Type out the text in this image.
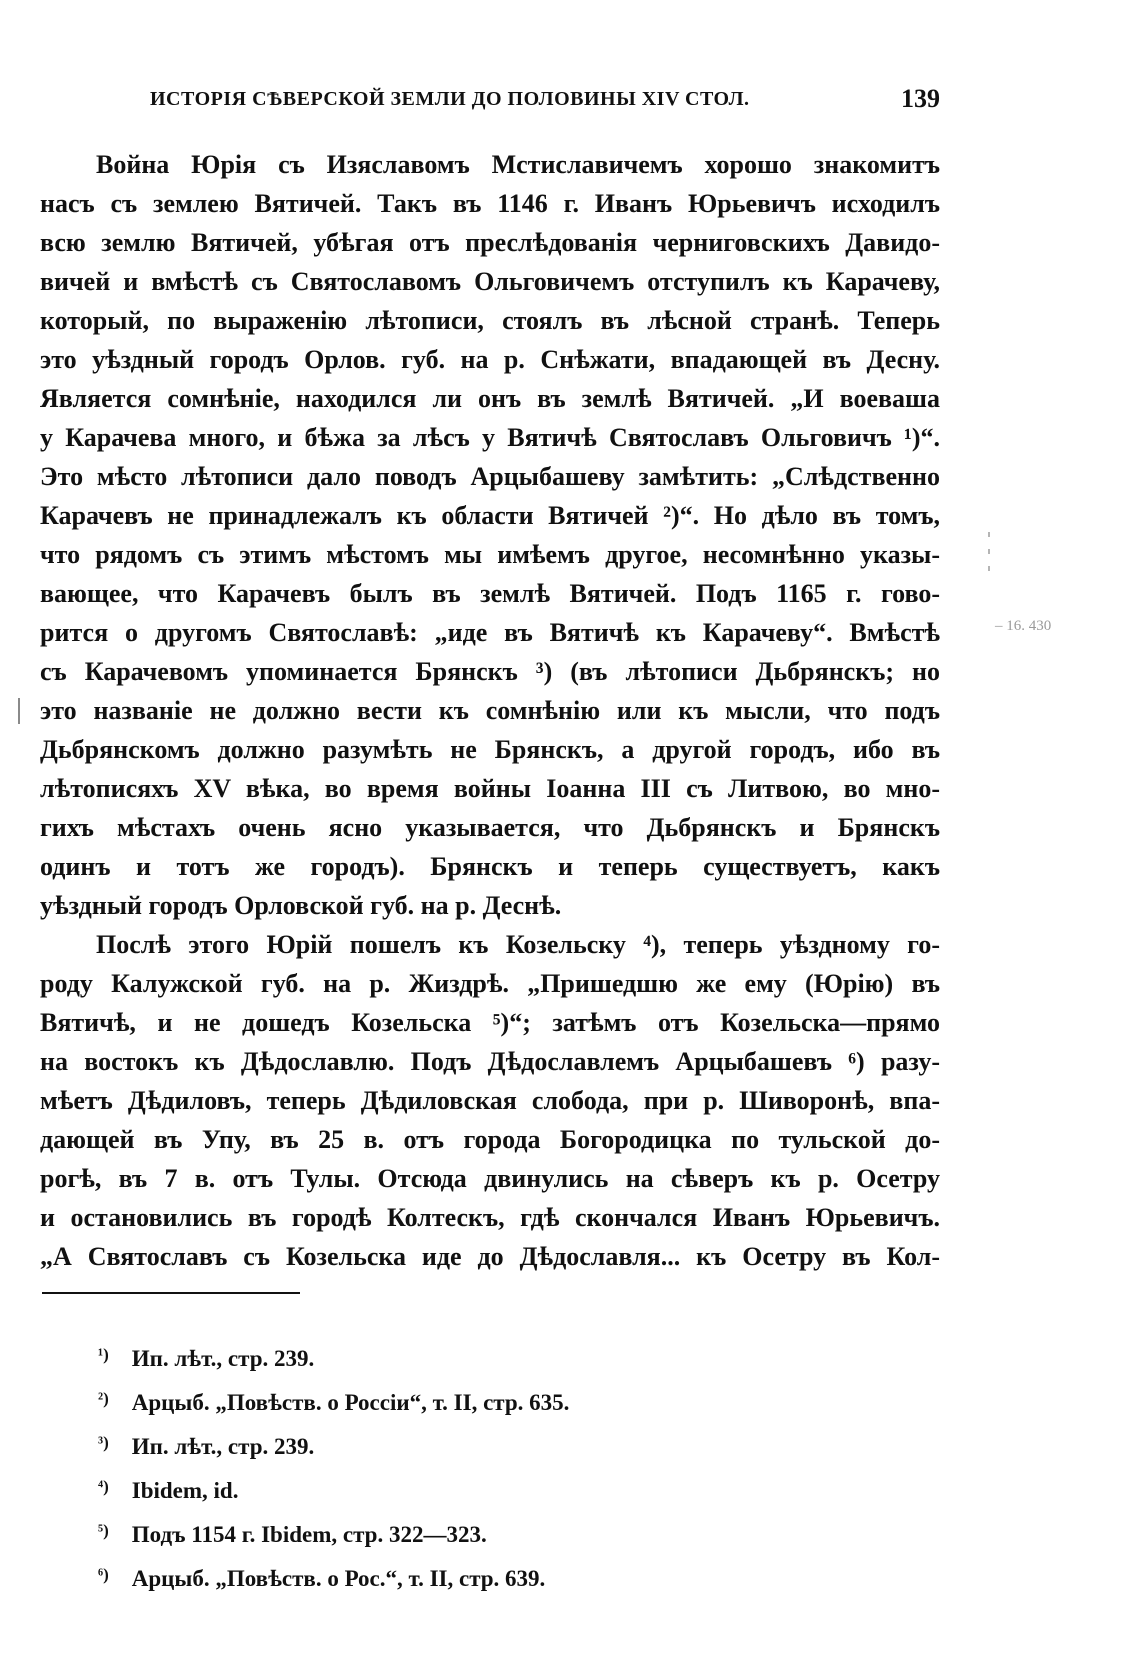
ИСТОРІЯ СѢВЕРСКОЙ ЗЕМЛИ ДО ПОЛОВИНЫ XIV СТОЛ.	139
Война Юрія съ Изяславомъ Мстиславичемъ хорошо знакомитъ
насъ съ землею Вятичей. Такъ въ 1146 г. Иванъ Юрьевичъ исходилъ
всю землю Вятичей, убѣгая отъ преслѣдованія черниговскихъ Давидо-
вичей и вмѣстѣ съ Святославомъ Ольговичемъ отступилъ къ Карачеву,
который, по выраженію лѣтописи, стоялъ въ лѣсной странѣ. Теперь
это уѣздный городъ Орлов. губ. на р. Снѣжати, впадающей въ Десну.
Является сомнѣніе, находился ли онъ въ землѣ Вятичей. „И воеваша
у Карачева много, и бѣжа за лѣсъ у Вятичѣ Святославъ Ольговичъ ¹)“.
Это мѣсто лѣтописи дало поводъ Арцыбашеву замѣтить: „Слѣдственно
Карачевъ не принадлежалъ къ области Вятичей ²)“. Но дѣло въ томъ,
что рядомъ съ этимъ мѣстомъ мы имѣемъ другое, несомнѣнно указы-
вающее, что Карачевъ былъ въ землѣ Вятичей. Подъ 1165 г. гово-
рится о другомъ Святославѣ: „иде въ Вятичѣ къ Карачеву“. Вмѣстѣ
съ Карачевомъ упоминается Брянскъ ³) (въ лѣтописи Дьбрянскъ; но
это названіе не должно вести къ сомнѣнію или къ мысли, что подъ
Дьбрянскомъ должно разумѣть не Брянскъ, а другой городъ, ибо въ
лѣтописяхъ XV вѣка, во время войны Іоанна III съ Литвою, во мно-
гихъ мѣстахъ очень ясно указывается, что Дьбрянскъ и Брянскъ
одинъ и тотъ же городъ). Брянскъ и теперь существуетъ, какъ
уѣздный городъ Орловской губ. на р. Деснѣ.
Послѣ этого Юрій пошелъ къ Козельску ⁴), теперь уѣздному го-
роду Калужской губ. на р. Жиздрѣ. „Пришедшю же ему (Юрію) въ
Вятичѣ, и не дошедъ Козельска ⁵)“; затѣмъ отъ Козельска—прямо
на востокъ къ Дѣдославлю. Подъ Дѣдославлемъ Арцыбашевъ ⁶) разу-
мѣетъ Дѣдиловъ, теперь Дѣдиловская слобода, при р. Шиворонѣ, впа-
дающей въ Упу, въ 25 в. отъ города Богородицка по тульской до-
рогѣ, въ 7 в. отъ Тулы. Отсюда двинулись на сѣверъ къ р. Осетру
и остановились въ городѣ Колтескъ, гдѣ скончался Иванъ Юрьевичъ.
„А Святославъ съ Козельска иде до Дѣдославля... къ Осетру въ Кол-
¹) Ип. лѣт., стр. 239.
²) Арцыб. „Повѣств. о Россіи“, т. II, стр. 635.
³) Ип. лѣт., стр. 239.
⁴) Ibidem, id.
⁵) Подъ 1154 г. Ibidem, стр. 322—323.
⁶) Арцыб. „Повѣств. о Рос.“, т. II, стр. 639.
– 16. 430
